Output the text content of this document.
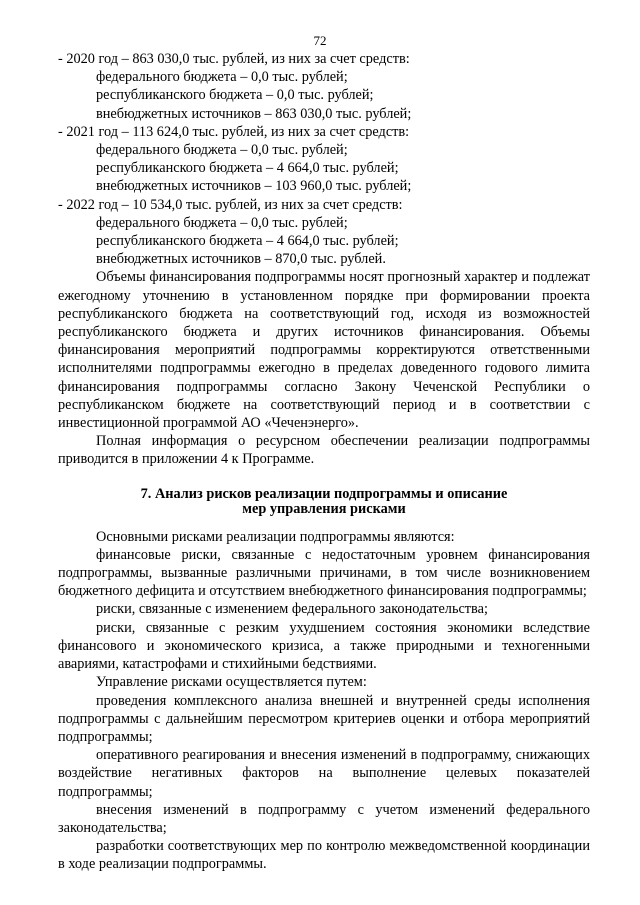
72
- 2020 год – 863 030,0 тыс. рублей, из них за счет средств:
федерального бюджета – 0,0 тыс. рублей;
республиканского бюджета – 0,0 тыс. рублей;
внебюджетных источников – 863 030,0 тыс. рублей;
- 2021 год – 113 624,0 тыс. рублей, из них за счет средств:
федерального бюджета – 0,0 тыс. рублей;
республиканского бюджета – 4 664,0 тыс. рублей;
внебюджетных источников – 103 960,0 тыс. рублей;
- 2022 год – 10 534,0 тыс. рублей, из них за счет средств:
федерального бюджета – 0,0 тыс. рублей;
республиканского бюджета – 4 664,0 тыс. рублей;
внебюджетных источников – 870,0 тыс. рублей.

Объемы финансирования подпрограммы носят прогнозный характер и подлежат ежегодному уточнению в установленном порядке при формировании проекта республиканского бюджета на соответствующий год, исходя из возможностей республиканского бюджета и других источников финансирования. Объемы финансирования мероприятий подпрограммы корректируются ответственными исполнителями подпрограммы ежегодно в пределах доведенного годового лимита финансирования подпрограммы согласно Закону Чеченской Республики о республиканском бюджете на соответствующий период и в соответствии с инвестиционной программой АО «Чеченэнерго».

Полная информация о ресурсном обеспечении реализации подпрограммы приводится в приложении 4 к Программе.

7. Анализ рисков реализации подпрограммы и описание
мер управления рисками

Основными рисками реализации подпрограммы являются:

финансовые риски, связанные с недостаточным уровнем финансирования подпрограммы, вызванные различными причинами, в том числе возникновением бюджетного дефицита и отсутствием внебюджетного финансирования подпрограммы;

риски, связанные с изменением федерального законодательства;

риски, связанные с резким ухудшением состояния экономики вследствие финансового и экономического кризиса, а также природными и техногенными авариями, катастрофами и стихийными бедствиями.

Управление рисками осуществляется путем:

проведения комплексного анализа внешней и внутренней среды исполнения подпрограммы с дальнейшим пересмотром критериев оценки и отбора мероприятий подпрограммы;

оперативного реагирования и внесения изменений в подпрограмму, снижающих воздействие негативных факторов на выполнение целевых показателей подпрограммы;

внесения изменений в подпрограмму с учетом изменений федерального законодательства;

разработки соответствующих мер по контролю межведомственной координации в ходе реализации подпрограммы.
